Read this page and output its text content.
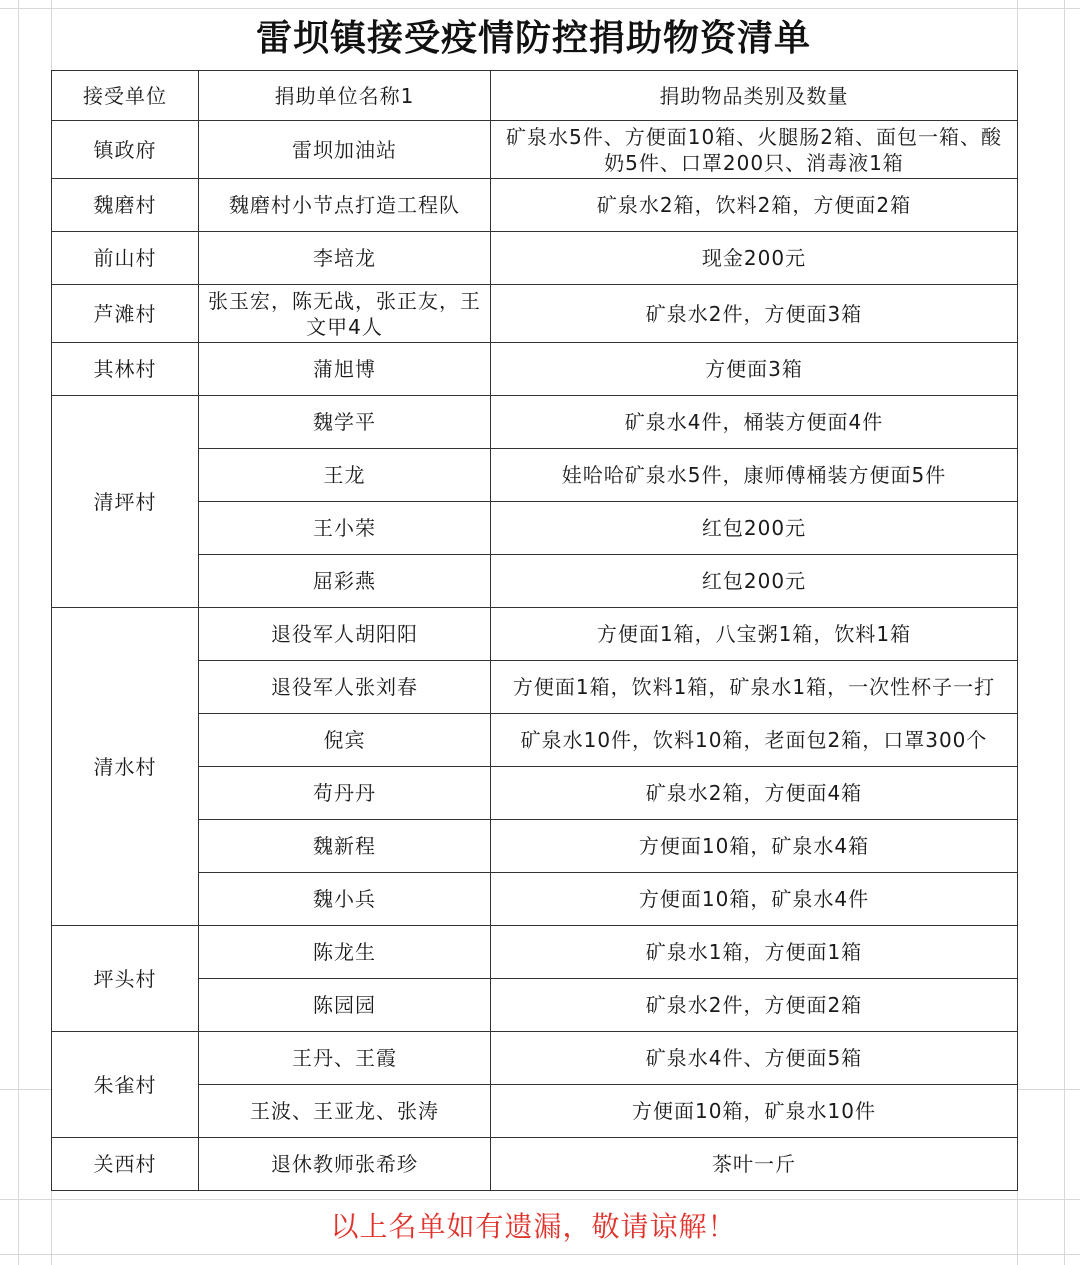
雷坝镇接受疫情防控捐助物资清单
接受单位	捐助单位名称1	捐助物品类别及数量
镇政府	雷坝加油站	矿泉水5件、方便面10箱、火腿肠2箱、面包一箱、酸奶5件、口罩200只、消毒液1箱
魏磨村	魏磨村小节点打造工程队	矿泉水2箱，饮料2箱，方便面2箱
前山村	李培龙	现金200元
芦滩村	张玉宏，陈无战，张正友，王文甲4人	矿泉水2件，方便面3箱
其林村	蒲旭博	方便面3箱
清坪村	魏学平	矿泉水4件，桶装方便面4件
	王龙	娃哈哈矿泉水5件，康师傅桶装方便面5件
	王小荣	红包200元
	屈彩燕	红包200元
清水村	退役军人胡阳阳	方便面1箱，八宝粥1箱，饮料1箱
	退役军人张刘春	方便面1箱，饮料1箱，矿泉水1箱，一次性杯子一打
	倪宾	矿泉水10件，饮料10箱，老面包2箱，口罩300个
	苟丹丹	矿泉水2箱，方便面4箱
	魏新程	方便面10箱，矿泉水4箱
	魏小兵	方便面10箱，矿泉水4件
坪头村	陈龙生	矿泉水1箱，方便面1箱
	陈园园	矿泉水2件，方便面2箱
朱雀村	王丹、王霞	矿泉水4件、方便面5箱
	王波、王亚龙、张涛	方便面10箱，矿泉水10件
关西村	退休教师张希珍	茶叶一斤
以上名单如有遗漏，敬请谅解！
